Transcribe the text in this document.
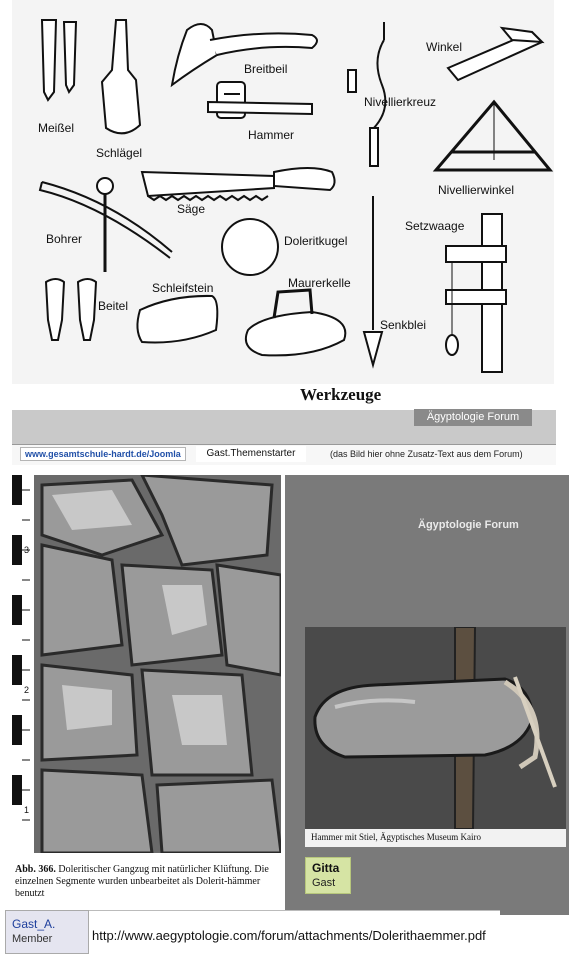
Meißel
Schlägel
Breitbeil
Hammer
Nivellierkreuz
Winkel
Nivellierwinkel
Säge
Bohrer	Doleritkugel
Setzwaage
Beitel
Schleifstein	Maurerkelle
Senkblei
Werkzeuge
Ägyptologie Forum
www.gesamtschule-hardt.de/Joomla	Gast.Themenstarter	(das Bild hier ohne Zusatz-Text aus dem Forum)
3
2
1
Abb. 366. Doleritischer Gangzug mit natürlicher Klüftung. Die einzelnen Segmente wurden unbearbeitet als Dolerit-hämmer benutzt
Ägyptologie Forum
Hammer mit Stiel, Ägyptisches Museum Kairo
Gitta
Gast
Gast_A.
Member	http://www.aegyptologie.com/forum/attachments/Dolerithaemmer.pdf
